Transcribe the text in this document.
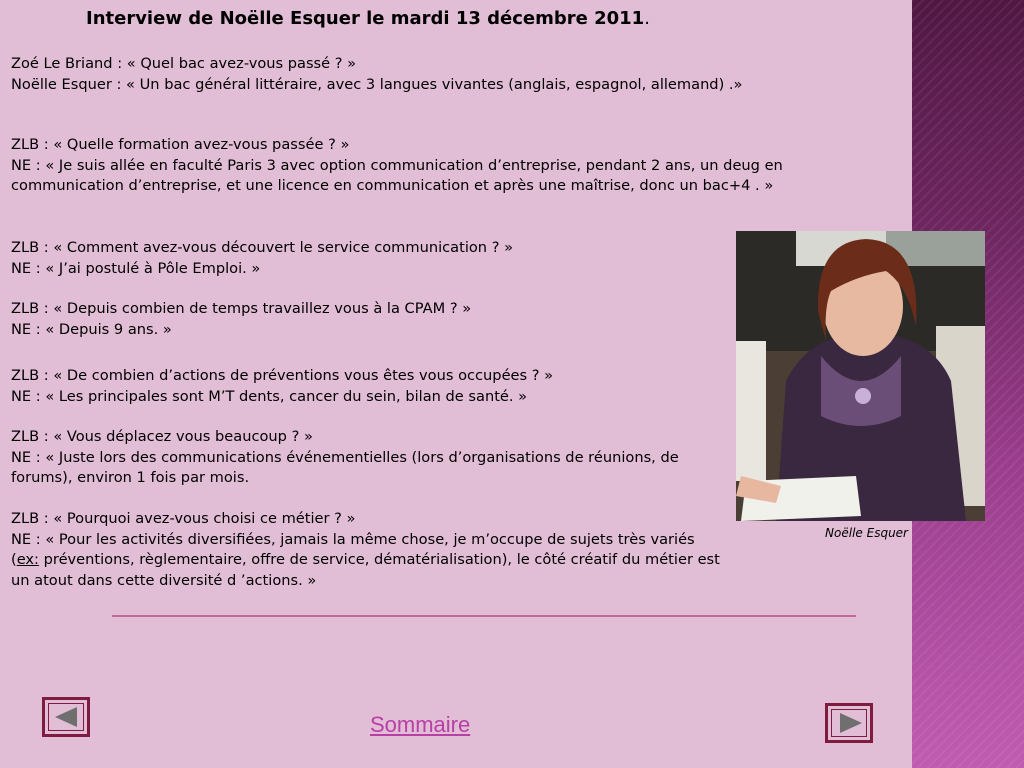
Interview de Noëlle Esquer le mardi 13 décembre 2011.

Zoé Le Briand : « Quel bac avez-vous passé ? »

Noëlle Esquer : « Un bac général littéraire, avec 3 langues vivantes (anglais, espagnol, allemand) .»

ZLB : « Quelle formation avez-vous passée ? »

NE : « Je suis allée en faculté Paris 3 avec option communication d’entreprise, pendant 2 ans, un deug en communication d’entreprise, et une licence en communication et après une maîtrise, donc un bac+4 . »

ZLB : « Comment avez-vous découvert le service communication ? »

NE : « J’ai postulé à Pôle Emploi. »

ZLB : « Depuis combien de temps travaillez vous à la CPAM ? »

NE : « Depuis 9 ans. »

ZLB : « De combien d’actions de préventions vous êtes vous occupées ? »

NE : « Les principales sont M’T dents, cancer du sein, bilan de santé. »

ZLB : « Vous déplacez vous beaucoup ? »

NE : « Juste lors des communications événementielles (lors d’organisations de réunions, de forums), environ 1 fois par mois.

ZLB : « Pourquoi avez-vous choisi ce métier ? »

NE : « Pour les activités diversifiées, jamais la même chose, je m’occupe de sujets très variés (ex: préventions, règlementaire, offre de service, dématérialisation), le côté créatif du métier est un atout dans cette diversité d ’actions. »

Noëlle Esquer
Sommaire
